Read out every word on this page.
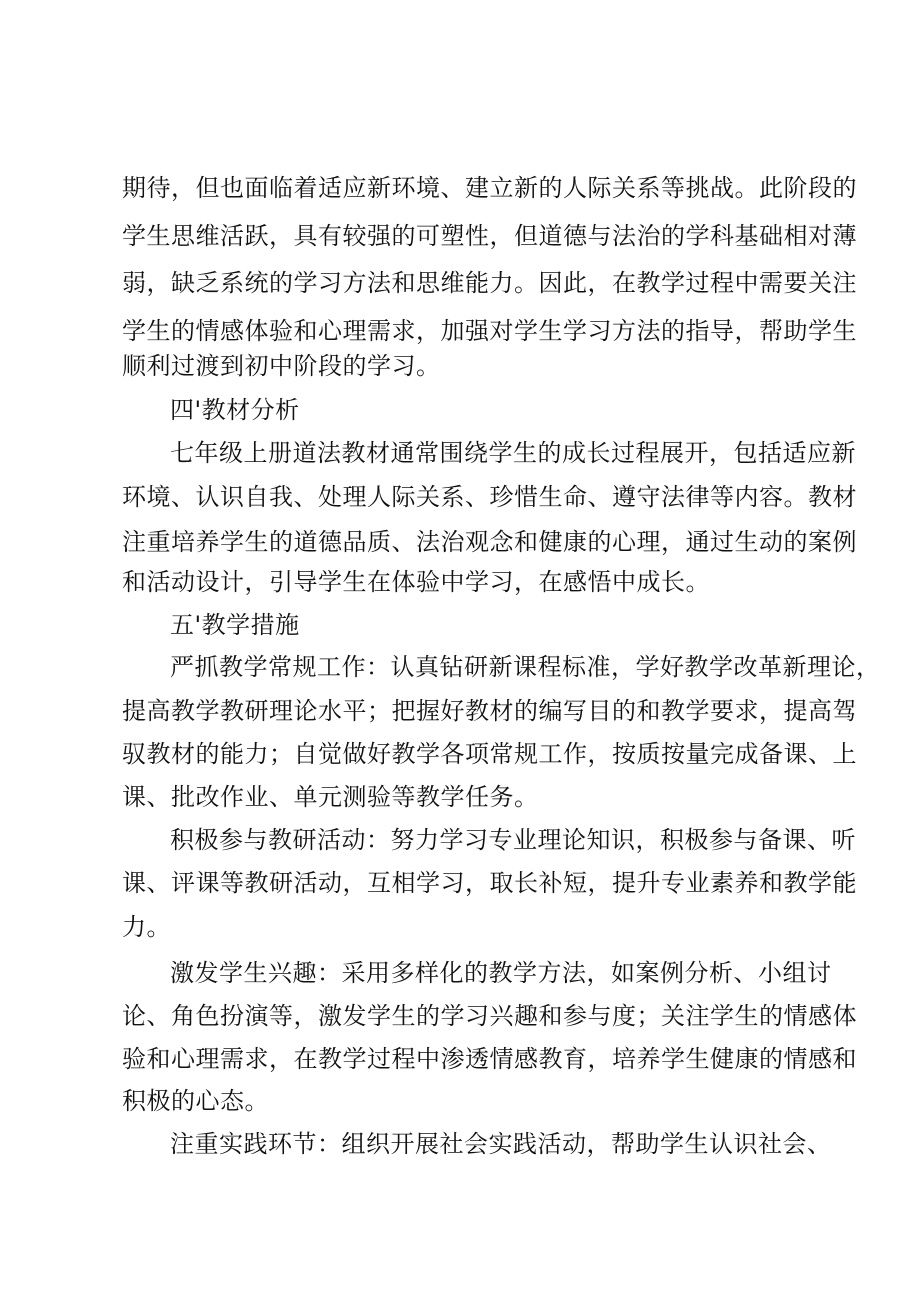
期待，但也面临着适应新环境、建立新的人际关系等挑战。此阶段的
学生思维活跃，具有较强的可塑性，但道德与法治的学科基础相对薄
弱，缺乏系统的学习方法和思维能力。因此，在教学过程中需要关注
学生的情感体验和心理需求，加强对学生学习方法的指导，帮助学生
顺利过渡到初中阶段的学习。
四'教材分析
七年级上册道法教材通常围绕学生的成长过程展开，包括适应新
环境、认识自我、处理人际关系、珍惜生命、遵守法律等内容。教材
注重培养学生的道德品质、法治观念和健康的心理，通过生动的案例
和活动设计，引导学生在体验中学习，在感悟中成长。
五'教学措施
严抓教学常规工作：认真钻研新课程标准，学好教学改革新理论，
提高教学教研理论水平；把握好教材的编写目的和教学要求，提高驾
驭教材的能力；自觉做好教学各项常规工作，按质按量完成备课、上
课、批改作业、单元测验等教学任务。
积极参与教研活动：努力学习专业理论知识，积极参与备课、听
课、评课等教研活动，互相学习，取长补短，提升专业素养和教学能
力。
激发学生兴趣：采用多样化的教学方法，如案例分析、小组讨
论、角色扮演等，激发学生的学习兴趣和参与度；关注学生的情感体
验和心理需求，在教学过程中渗透情感教育，培养学生健康的情感和
积极的心态。
注重实践环节：组织开展社会实践活动，帮助学生认识社会、
